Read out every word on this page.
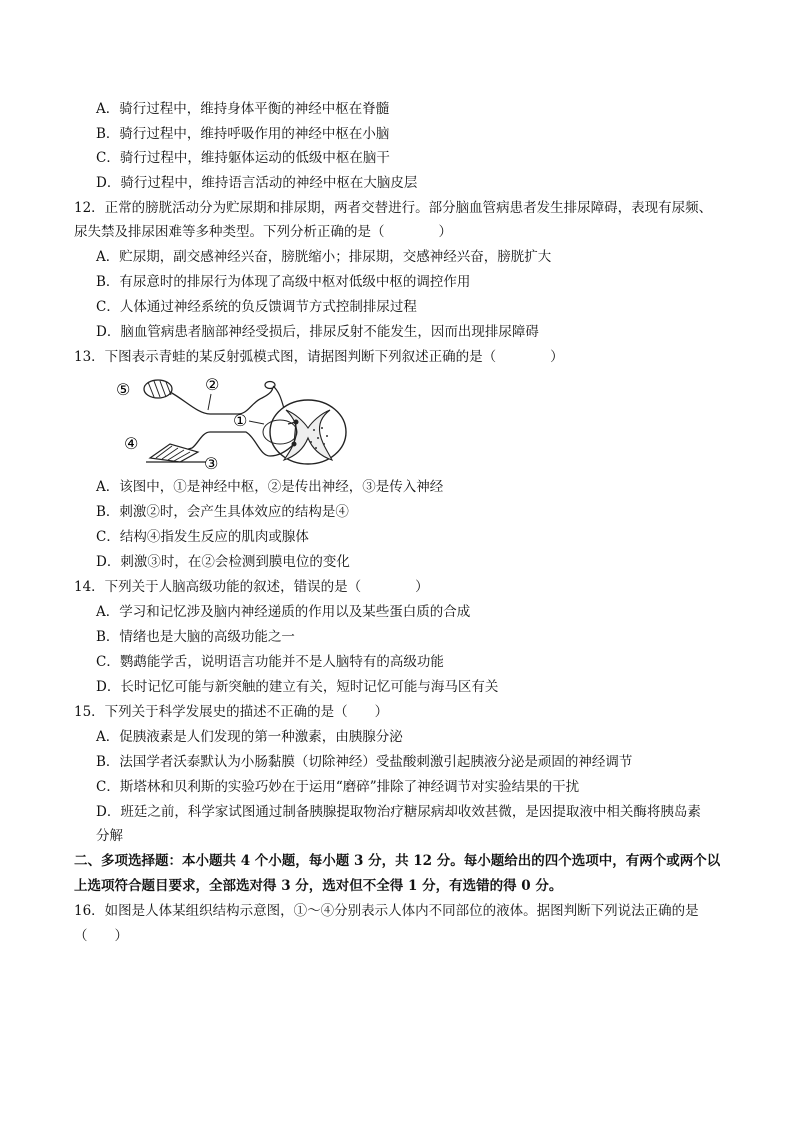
A．骑行过程中，维持身体平衡的神经中枢在脊髓
B．骑行过程中，维持呼吸作用的神经中枢在小脑
C．骑行过程中，维持躯体运动的低级中枢在脑干
D．骑行过程中，维持语言活动的神经中枢在大脑皮层
12．正常的膀胱活动分为贮尿期和排尿期，两者交替进行。部分脑血管病患者发生排尿障碍，表现有尿频、
尿失禁及排尿困难等多种类型。下列分析正确的是（　　　　）
A．贮尿期，副交感神经兴奋，膀胱缩小；排尿期，交感神经兴奋，膀胱扩大
B．有尿意时的排尿行为体现了高级中枢对低级中枢的调控作用
C．人体通过神经系统的负反馈调节方式控制排尿过程
D．脑血管病患者脑部神经受损后，排尿反射不能发生，因而出现排尿障碍
13．下图表示青蛙的某反射弧模式图，请据图判断下列叙述正确的是（　　　　）
⑤	②
①
④
③
A．该图中，①是神经中枢，②是传出神经，③是传入神经
B．刺激②时，会产生具体效应的结构是④
C．结构④指发生反应的肌肉或腺体
D．刺激③时，在②会检测到膜电位的变化
14．下列关于人脑高级功能的叙述，错误的是（　　　　）
A．学习和记忆涉及脑内神经递质的作用以及某些蛋白质的合成
B．情绪也是大脑的高级功能之一
C．鹦鹉能学舌，说明语言功能并不是人脑特有的高级功能
D．长时记忆可能与新突触的建立有关，短时记忆可能与海马区有关
15．下列关于科学发展史的描述不正确的是（　　）
A．促胰液素是人们发现的第一种激素，由胰腺分泌
B．法国学者沃泰默认为小肠黏膜（切除神经）受盐酸刺激引起胰液分泌是顽固的神经调节
C．斯塔林和贝利斯的实验巧妙在于运用“磨碎”排除了神经调节对实验结果的干扰
D．班廷之前，科学家试图通过制备胰腺提取物治疗糖尿病却收效甚微，是因提取液中相关酶将胰岛素
分解
二、多项选择题：本小题共 4 个小题，每小题 3 分，共 12 分。每小题给出的四个选项中，有两个或两个以
上选项符合题目要求，全部选对得 3 分，选对但不全得 1 分，有选错的得 0 分。
16．如图是人体某组织结构示意图，①～④分别表示人体内不同部位的液体。据图判断下列说法正确的是
（　　）
